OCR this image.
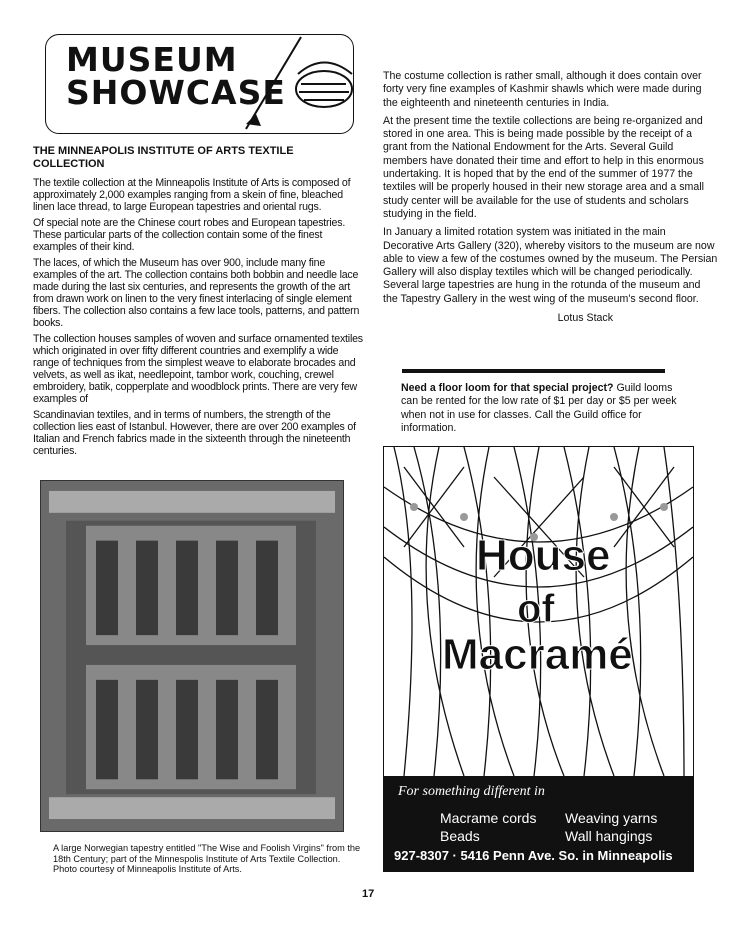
MUSEUM
SHOWCASE
THE MINNEAPOLIS INSTITUTE OF ARTS TEXTILE COLLECTION

The textile collection at the Minneapolis Institute of Arts is composed of approximately 2,000 examples ranging from a skein of fine, bleached linen lace thread, to large European tapestries and oriental rugs.

Of special note are the Chinese court robes and European tapestries. These particular parts of the collection contain some of the finest examples of their kind.

The laces, of which the Museum has over 900, include many fine examples of the art. The collection contains both bobbin and needle lace made during the last six centuries, and represents the growth of the art from drawn work on linen to the very finest interlacing of single element fibers. The collection also contains a few lace tools, patterns, and pattern books.

The collection houses samples of woven and surface ornamented textiles which originated in over fifty different countries and exemplify a wide range of techniques from the simplest weave to elaborate brocades and velvets, as well as ikat, needlepoint, tambor work, couching, crewel embroidery, batik, copperplate and woodblock prints. There are very few examples of

Scandinavian textiles, and in terms of numbers, the strength of the collection lies east of Istanbul. However, there are over 200 examples of Italian and French fabrics made in the sixteenth through the nineteenth centuries.

A large Norwegian tapestry entitled "The Wise and Foolish Virgins" from the 18th Century; part of the Minnespolis Institute of Arts Textile Collection. Photo courtesy of Minneapolis Institute of Arts.

The costume collection is rather small, although it does contain over forty very fine examples of Kashmir shawls which were made during the eighteenth and nineteenth centuries in India.

At the present time the textile collections are being re-organized and stored in one area. This is being made possible by the receipt of a grant from the National Endowment for the Arts. Several Guild members have donated their time and effort to help in this enormous undertaking. It is hoped that by the end of the summer of 1977 the textiles will be properly housed in their new storage area and a small study center will be available for the use of students and scholars studying in the field.

In January a limited rotation system was initiated in the main Decorative Arts Gallery (320), whereby visitors to the museum are now able to view a few of the costumes owned by the museum. The Persian Gallery will also display textiles which will be changed periodically. Several large tapestries are hung in the rotunda of the museum and the Tapestry Gallery in the west wing of the museum's second floor.

Lotus Stack
Need a floor loom for that special project? Guild looms can be rented for the low rate of $1 per day or $5 per week when not in use for classes. Call the Guild office for information.
House
of
Macramé
For something different in
Macrame cords	Weaving yarns
Beads	Wall hangings
927-8307 · 5416 Penn Ave. So. in Minneapolis
17
